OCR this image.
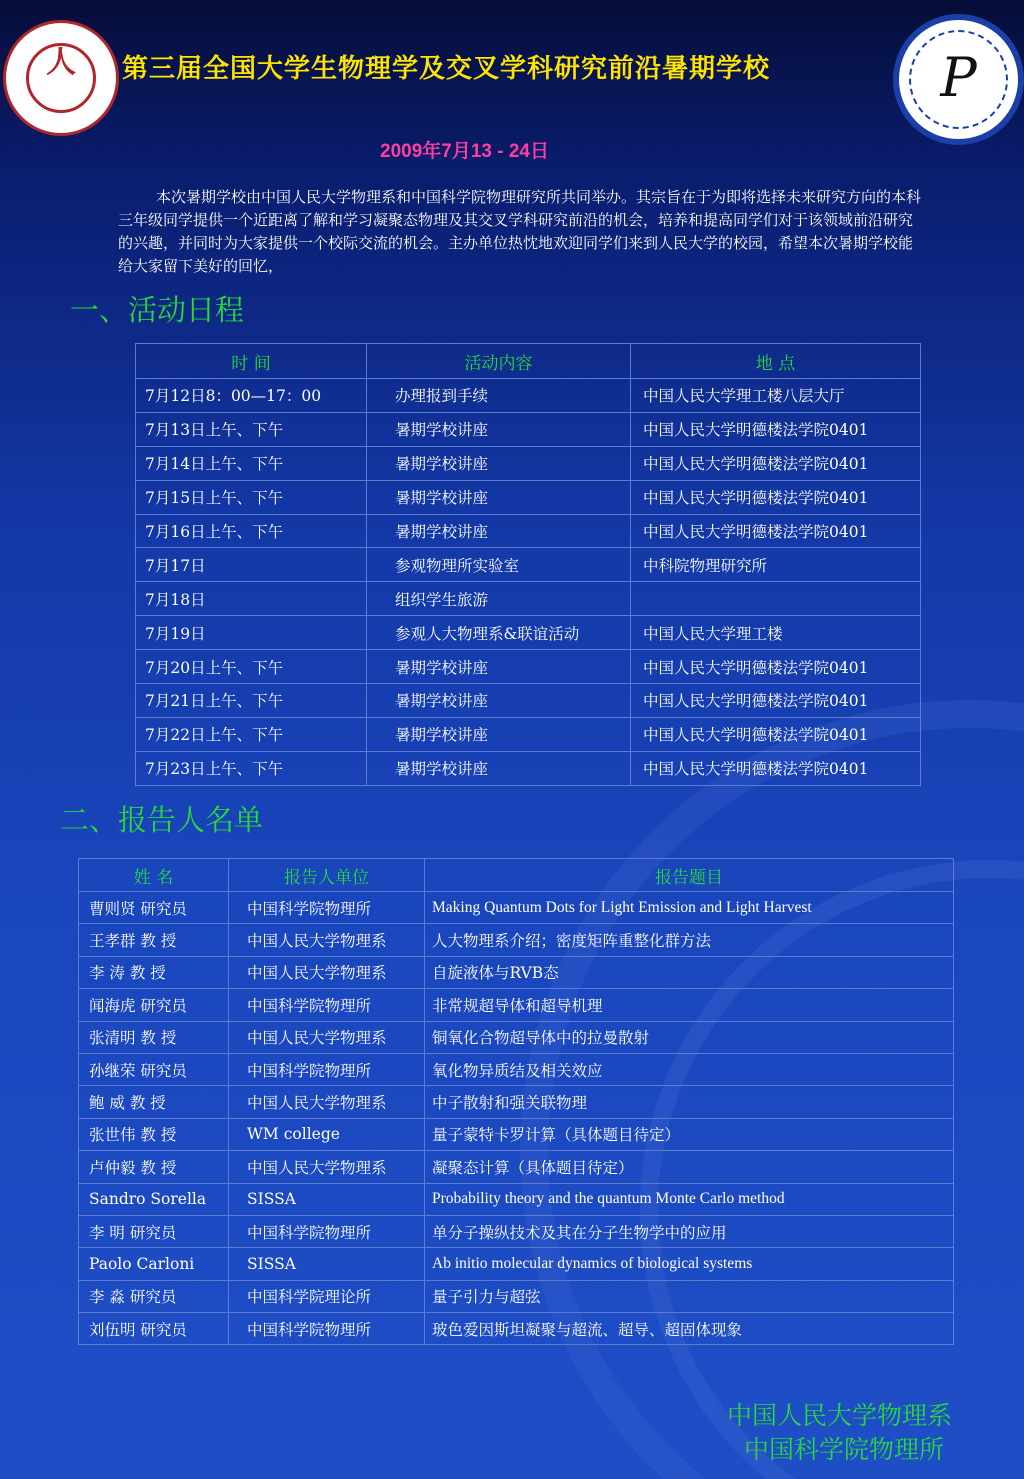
人	第三届全国大学生物理学及交叉学科研究前沿暑期学校	P
2009年7月13 - 24日
本次暑期学校由中国人民大学物理系和中国科学院物理研究所共同举办。其宗旨在于为即将选择未来研究方向的本科三年级同学提供一个近距离了解和学习凝聚态物理及其交叉学科研究前沿的机会，培养和提高同学们对于该领域前沿研究的兴趣，并同时为大家提供一个校际交流的机会。主办单位热忱地欢迎同学们来到人民大学的校园，希望本次暑期学校能给大家留下美好的回忆，
一、活动日程
时 间	活动内容	地 点
7月12日8：00—17：00	办理报到手续	中国人民大学理工楼八层大厅
7月13日上午、下午	暑期学校讲座	中国人民大学明德楼法学院0401
7月14日上午、下午	暑期学校讲座	中国人民大学明德楼法学院0401
7月15日上午、下午	暑期学校讲座	中国人民大学明德楼法学院0401
7月16日上午、下午	暑期学校讲座	中国人民大学明德楼法学院0401
7月17日	参观物理所实验室	中科院物理研究所
7月18日	组织学生旅游	
7月19日	参观人大物理系&联谊活动	中国人民大学理工楼
7月20日上午、下午	暑期学校讲座	中国人民大学明德楼法学院0401
7月21日上午、下午	暑期学校讲座	中国人民大学明德楼法学院0401
7月22日上午、下午	暑期学校讲座	中国人民大学明德楼法学院0401
7月23日上午、下午	暑期学校讲座	中国人民大学明德楼法学院0401
二、报告人名单
姓 名	报告人单位	报告题目
曹则贤 研究员	中国科学院物理所	Making Quantum Dots for Light Emission and Light Harvest
王孝群 教 授	中国人民大学物理系	人大物理系介绍；密度矩阵重整化群方法
李 涛 教 授	中国人民大学物理系	自旋液体与RVB态
闻海虎 研究员	中国科学院物理所	非常规超导体和超导机理
张清明 教 授	中国人民大学物理系	铜氧化合物超导体中的拉曼散射
孙继荣 研究员	中国科学院物理所	氧化物异质结及相关效应
鲍 威 教 授	中国人民大学物理系	中子散射和强关联物理
张世伟 教 授	WM college	量子蒙特卡罗计算（具体题目待定）
卢仲毅 教 授	中国人民大学物理系	凝聚态计算（具体题目待定）
Sandro Sorella	SISSA	Probability theory and the quantum Monte Carlo method
李 明 研究员	中国科学院物理所	单分子操纵技术及其在分子生物学中的应用
Paolo Carloni	SISSA	Ab initio molecular dynamics of biological systems
李 淼 研究员	中国科学院理论所	量子引力与超弦
刘伍明 研究员	中国科学院物理所	玻色爱因斯坦凝聚与超流、超导、超固体现象
中国人民大学物理系
中国科学院物理所
